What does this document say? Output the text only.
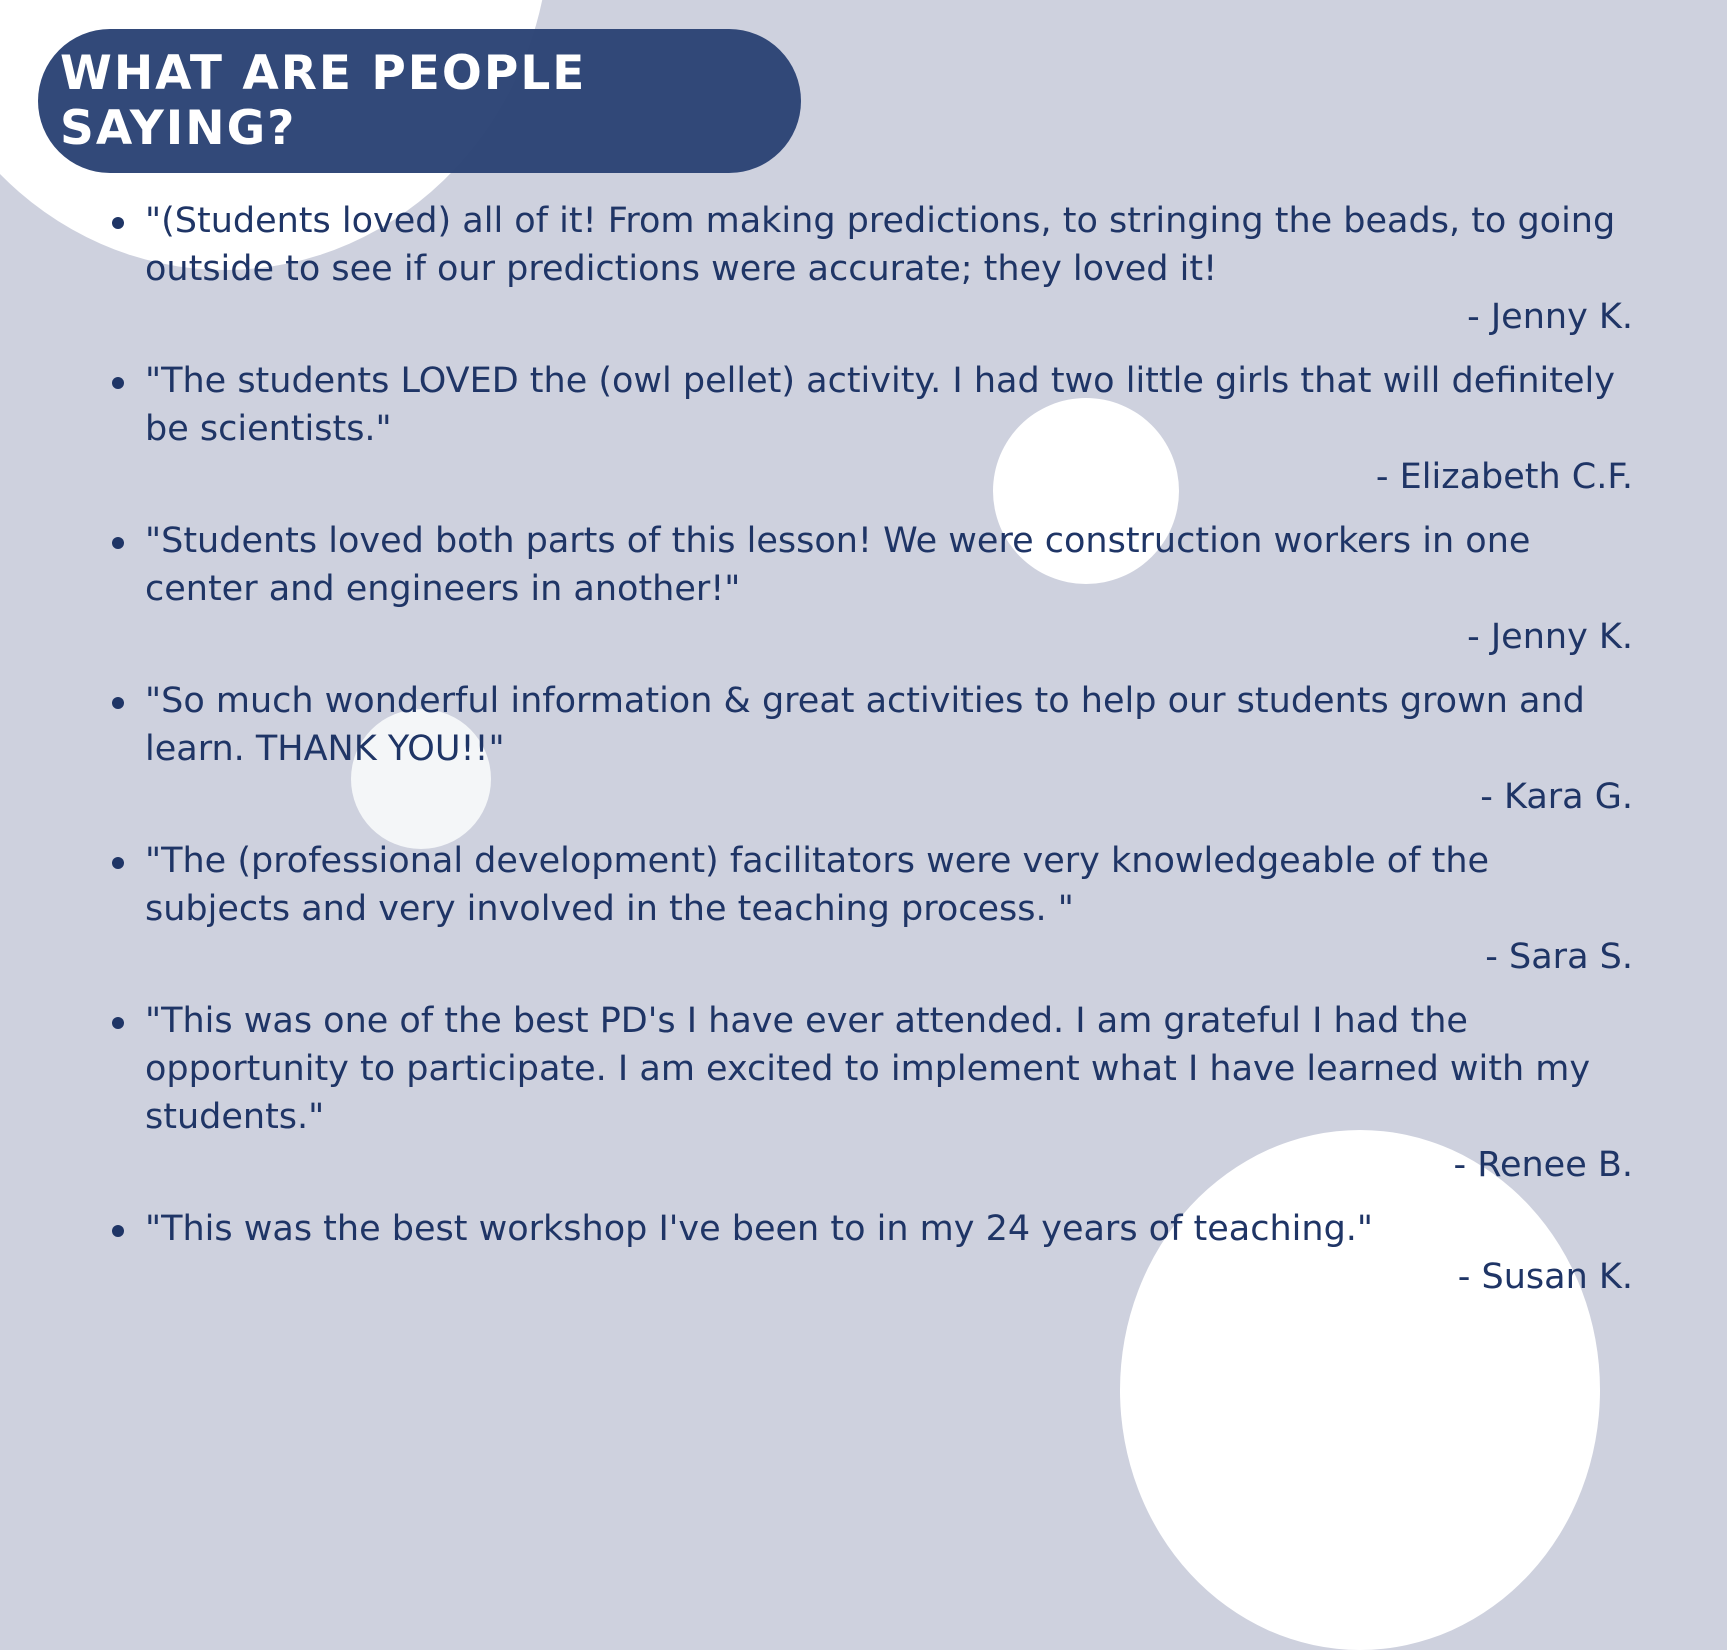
WHAT ARE PEOPLE SAYING?
"(Students loved) all of it! From making predictions, to stringing the beads, to going
outside to see if our predictions were accurate; they loved it!
- Jenny K.
"The students LOVED the (owl pellet) activity. I had two little girls that will definitely
be scientists."
- Elizabeth C.F.
"Students loved both parts of this lesson! We were construction workers in one
center and engineers in another!"
- Jenny K.
"So much wonderful information & great activities to help our students grown and
learn. THANK YOU!!"
- Kara G.
"The (professional development) facilitators were very knowledgeable of the
subjects and very involved in the teaching process. "
- Sara S.
"This was one of the best PD's I have ever attended. I am grateful I had the
opportunity to participate. I am excited to implement what I have learned with my
students."
- Renee B.
"This was the best workshop I've been to in my 24 years of teaching."
- Susan K.
